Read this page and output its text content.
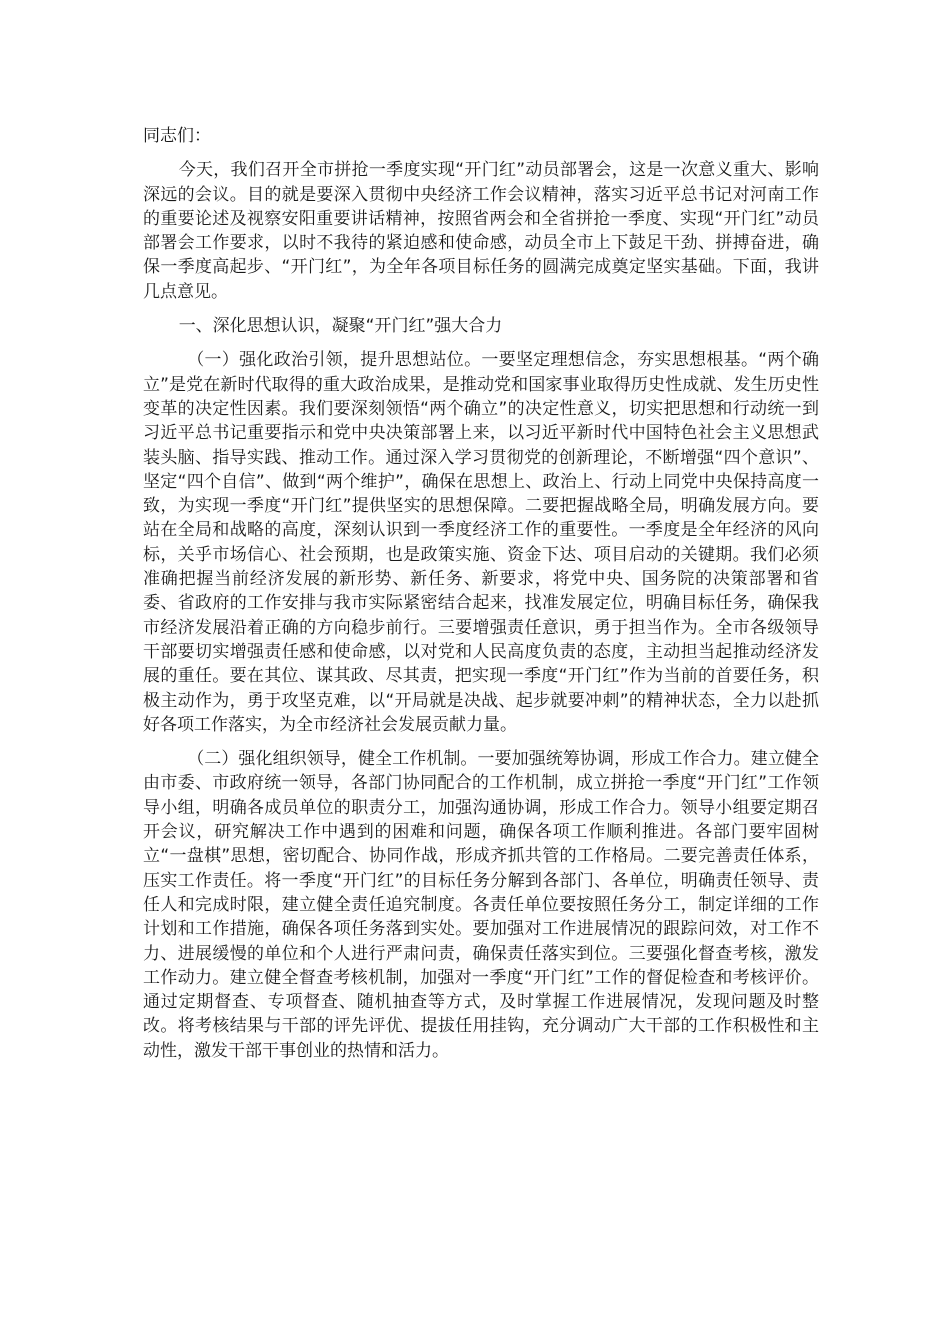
同志们：

今天，我们召开全市拼抢一季度实现“开门红”动员部署会，这是一次意义重大、影响深远的会议。目的就是要深入贯彻中央经济工作会议精神，落实习近平总书记对河南工作的重要论述及视察安阳重要讲话精神，按照省两会和全省拼抢一季度、实现“开门红”动员部署会工作要求，以时不我待的紧迫感和使命感，动员全市上下鼓足干劲、拼搏奋进，确保一季度高起步、“开门红”，为全年各项目标任务的圆满完成奠定坚实基础。下面，我讲几点意见。

一、深化思想认识，凝聚“开门红”强大合力

（一）强化政治引领，提升思想站位。一要坚定理想信念，夯实思想根基。“两个确立”是党在新时代取得的重大政治成果，是推动党和国家事业取得历史性成就、发生历史性变革的决定性因素。我们要深刻领悟“两个确立”的决定性意义，切实把思想和行动统一到习近平总书记重要指示和党中央决策部署上来，以习近平新时代中国特色社会主义思想武装头脑、指导实践、推动工作。通过深入学习贯彻党的创新理论，不断增强“四个意识”、坚定“四个自信”、做到“两个维护”，确保在思想上、政治上、行动上同党中央保持高度一致，为实现一季度“开门红”提供坚实的思想保障。二要把握战略全局，明确发展方向。要站在全局和战略的高度，深刻认识到一季度经济工作的重要性。一季度是全年经济的风向标，关乎市场信心、社会预期，也是政策实施、资金下达、项目启动的关键期。我们必须准确把握当前经济发展的新形势、新任务、新要求，将党中央、国务院的决策部署和省委、省政府的工作安排与我市实际紧密结合起来，找准发展定位，明确目标任务，确保我市经济发展沿着正确的方向稳步前行。三要增强责任意识，勇于担当作为。全市各级领导干部要切实增强责任感和使命感，以对党和人民高度负责的态度，主动担当起推动经济发展的重任。要在其位、谋其政、尽其责，把实现一季度“开门红”作为当前的首要任务，积极主动作为，勇于攻坚克难，以“开局就是决战、起步就要冲刺”的精神状态，全力以赴抓好各项工作落实，为全市经济社会发展贡献力量。

（二）强化组织领导，健全工作机制。一要加强统筹协调，形成工作合力。建立健全由市委、市政府统一领导，各部门协同配合的工作机制，成立拼抢一季度“开门红”工作领导小组，明确各成员单位的职责分工，加强沟通协调，形成工作合力。领导小组要定期召开会议，研究解决工作中遇到的困难和问题，确保各项工作顺利推进。各部门要牢固树立“一盘棋”思想，密切配合、协同作战，形成齐抓共管的工作格局。二要完善责任体系，压实工作责任。将一季度“开门红”的目标任务分解到各部门、各单位，明确责任领导、责任人和完成时限，建立健全责任追究制度。各责任单位要按照任务分工，制定详细的工作计划和工作措施，确保各项任务落到实处。要加强对工作进展情况的跟踪问效，对工作不力、进展缓慢的单位和个人进行严肃问责，确保责任落实到位。三要强化督查考核，激发工作动力。建立健全督查考核机制，加强对一季度“开门红”工作的督促检查和考核评价。通过定期督查、专项督查、随机抽查等方式，及时掌握工作进展情况，发现问题及时整改。将考核结果与干部的评先评优、提拔任用挂钩，充分调动广大干部的工作积极性和主动性，激发干部干事创业的热情和活力。
